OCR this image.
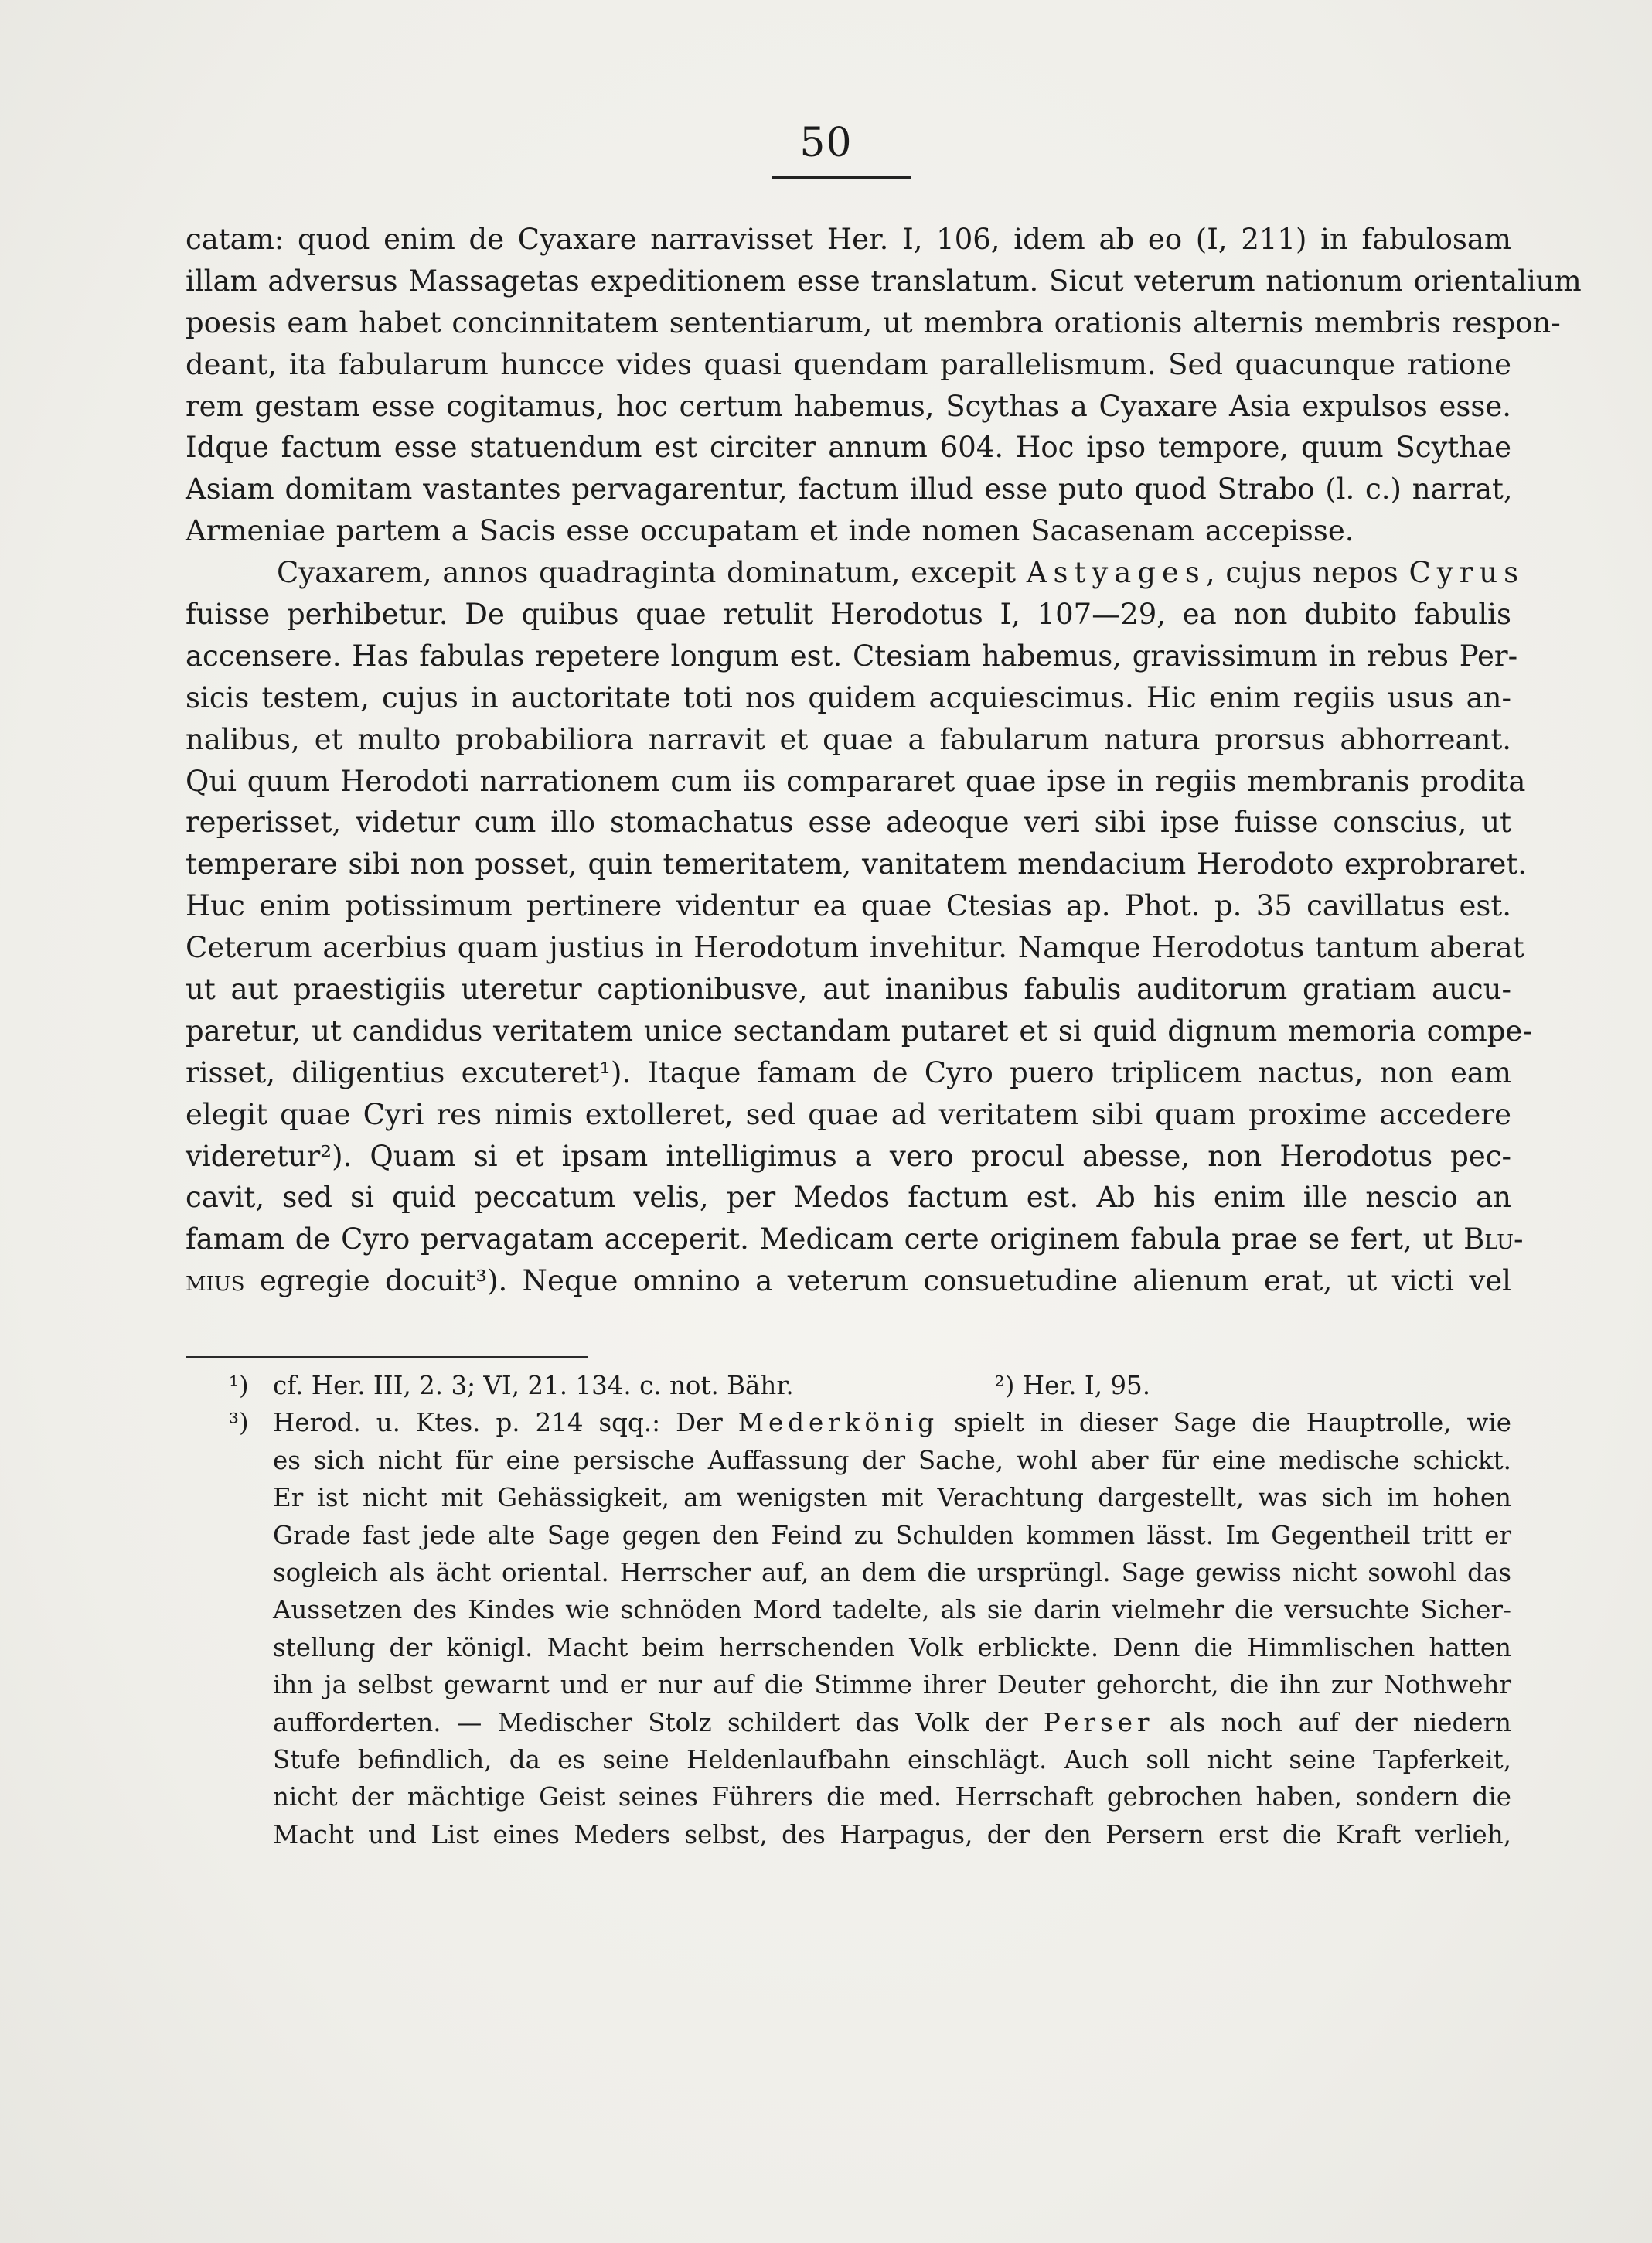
50
catam: quod enim de Cyaxare narravisset Her. I, 106, idem ab eo (I, 211) in fabulosam
illam adversus Massagetas expeditionem esse translatum. Sicut veterum nationum orientalium
poesis eam habet concinnitatem sententiarum, ut membra orationis alternis membris respon-
deant, ita fabularum huncce vides quasi quendam parallelismum. Sed quacunque ratione
rem gestam esse cogitamus, hoc certum habemus, Scythas a Cyaxare Asia expulsos esse.
Idque factum esse statuendum est circiter annum 604. Hoc ipso tempore, quum Scythae
Asiam domitam vastantes pervagarentur, factum illud esse puto quod Strabo (l. c.) narrat,
Armeniae partem a Sacis esse occupatam et inde nomen Sacasenam accepisse.
Cyaxarem, annos quadraginta dominatum, excepit Astyages, cujus nepos Cyrus
fuisse perhibetur. De quibus quae retulit Herodotus I, 107—29, ea non dubito fabulis
accensere. Has fabulas repetere longum est. Ctesiam habemus, gravissimum in rebus Per-
sicis testem, cujus in auctoritate toti nos quidem acquiescimus. Hic enim regiis usus an-
nalibus, et multo probabiliora narravit et quae a fabularum natura prorsus abhorreant.
Qui quum Herodoti narrationem cum iis compararet quae ipse in regiis membranis prodita
reperisset, videtur cum illo stomachatus esse adeoque veri sibi ipse fuisse conscius, ut
temperare sibi non posset, quin temeritatem, vanitatem mendacium Herodoto exprobraret.
Huc enim potissimum pertinere videntur ea quae Ctesias ap. Phot. p. 35 cavillatus est.
Ceterum acerbius quam justius in Herodotum invehitur. Namque Herodotus tantum aberat
ut aut praestigiis uteretur captionibusve, aut inanibus fabulis auditorum gratiam aucu-
paretur, ut candidus veritatem unice sectandam putaret et si quid dignum memoria compe-
risset, diligentius excuteret¹). Itaque famam de Cyro puero triplicem nactus, non eam
elegit quae Cyri res nimis extolleret, sed quae ad veritatem sibi quam proxime accedere
videretur²). Quam si et ipsam intelligimus a vero procul abesse, non Herodotus pec-
cavit, sed si quid peccatum velis, per Medos factum est. Ab his enim ille nescio an
famam de Cyro pervagatam acceperit. Medicam certe originem fabula prae se fert, ut Blu-
mius egregie docuit³). Neque omnino a veterum consuetudine alienum erat, ut victi vel
¹) cf. Her. III, 2. 3; VI, 21. 134. c. not. Bähr.	²) Her. I, 95.
³) Herod. u. Ktes. p. 214 sqq.: Der Mederkönig spielt in dieser Sage die Hauptrolle, wie
es sich nicht für eine persische Auffassung der Sache, wohl aber für eine medische schickt.
Er ist nicht mit Gehässigkeit, am wenigsten mit Verachtung dargestellt, was sich im hohen
Grade fast jede alte Sage gegen den Feind zu Schulden kommen lässt. Im Gegentheil tritt er
sogleich als ächt oriental. Herrscher auf, an dem die ursprüngl. Sage gewiss nicht sowohl das
Aussetzen des Kindes wie schnöden Mord tadelte, als sie darin vielmehr die versuchte Sicher-
stellung der königl. Macht beim herrschenden Volk erblickte. Denn die Himmlischen hatten
ihn ja selbst gewarnt und er nur auf die Stimme ihrer Deuter gehorcht, die ihn zur Nothwehr
aufforderten. — Medischer Stolz schildert das Volk der Perser als noch auf der niedern
Stufe befindlich, da es seine Heldenlaufbahn einschlägt. Auch soll nicht seine Tapferkeit,
nicht der mächtige Geist seines Führers die med. Herrschaft gebrochen haben, sondern die
Macht und List eines Meders selbst, des Harpagus, der den Persern erst die Kraft verlieh,
